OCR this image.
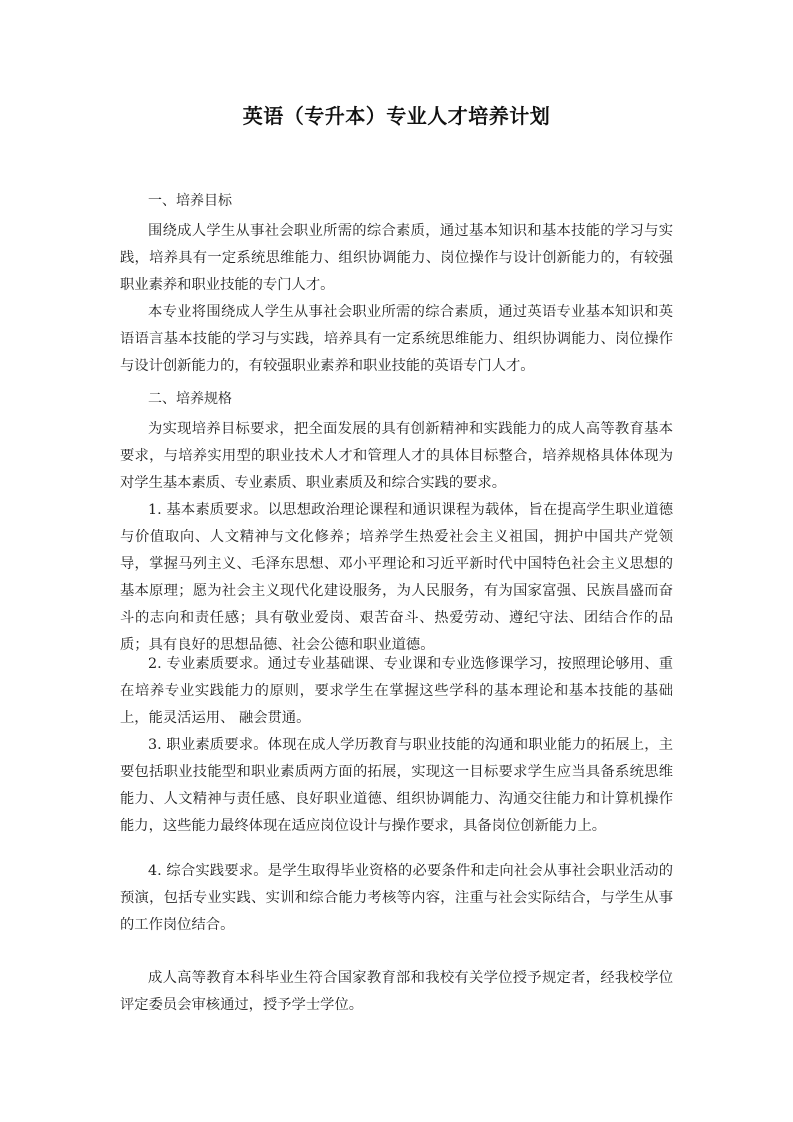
英语（专升本）专业人才培养计划
一、培养目标
围绕成人学生从事社会职业所需的综合素质，通过基本知识和基本技能的学习与实践，培养具有一定系统思维能力、组织协调能力、岗位操作与设计创新能力的，有较强职业素养和职业技能的专门人才。
本专业将围绕成人学生从事社会职业所需的综合素质，通过英语专业基本知识和英语语言基本技能的学习与实践，培养具有一定系统思维能力、组织协调能力、岗位操作与设计创新能力的，有较强职业素养和职业技能的英语专门人才。
二、培养规格
为实现培养目标要求，把全面发展的具有创新精神和实践能力的成人高等教育基本要求，与培养实用型的职业技术人才和管理人才的具体目标整合，培养规格具体体现为对学生基本素质、专业素质、职业素质及和综合实践的要求。
1. 基本素质要求。以思想政治理论课程和通识课程为载体，旨在提高学生职业道德与价值取向、人文精神与文化修养；培养学生热爱社会主义祖国，拥护中国共产党领导，掌握马列主义、毛泽东思想、邓小平理论和习近平新时代中国特色社会主义思想的基本原理；愿为社会主义现代化建设服务，为人民服务，有为国家富强、民族昌盛而奋斗的志向和责任感；具有敬业爱岗、艰苦奋斗、热爱劳动、遵纪守法、团结合作的品质；具有良好的思想品德、社会公德和职业道德。
2. 专业素质要求。通过专业基础课、专业课和专业选修课学习，按照理论够用、重在培养专业实践能力的原则，要求学生在掌握这些学科的基本理论和基本技能的基础上，能灵活运用、 融会贯通。
3. 职业素质要求。体现在成人学历教育与职业技能的沟通和职业能力的拓展上，主要包括职业技能型和职业素质两方面的拓展，实现这一目标要求学生应当具备系统思维能力、人文精神与责任感、良好职业道德、组织协调能力、沟通交往能力和计算机操作能力，这些能力最终体现在适应岗位设计与操作要求，具备岗位创新能力上。
4. 综合实践要求。是学生取得毕业资格的必要条件和走向社会从事社会职业活动的预演，包括专业实践、实训和综合能力考核等内容，注重与社会实际结合，与学生从事的工作岗位结合。
成人高等教育本科毕业生符合国家教育部和我校有关学位授予规定者，经我校学位评定委员会审核通过，授予学士学位。
